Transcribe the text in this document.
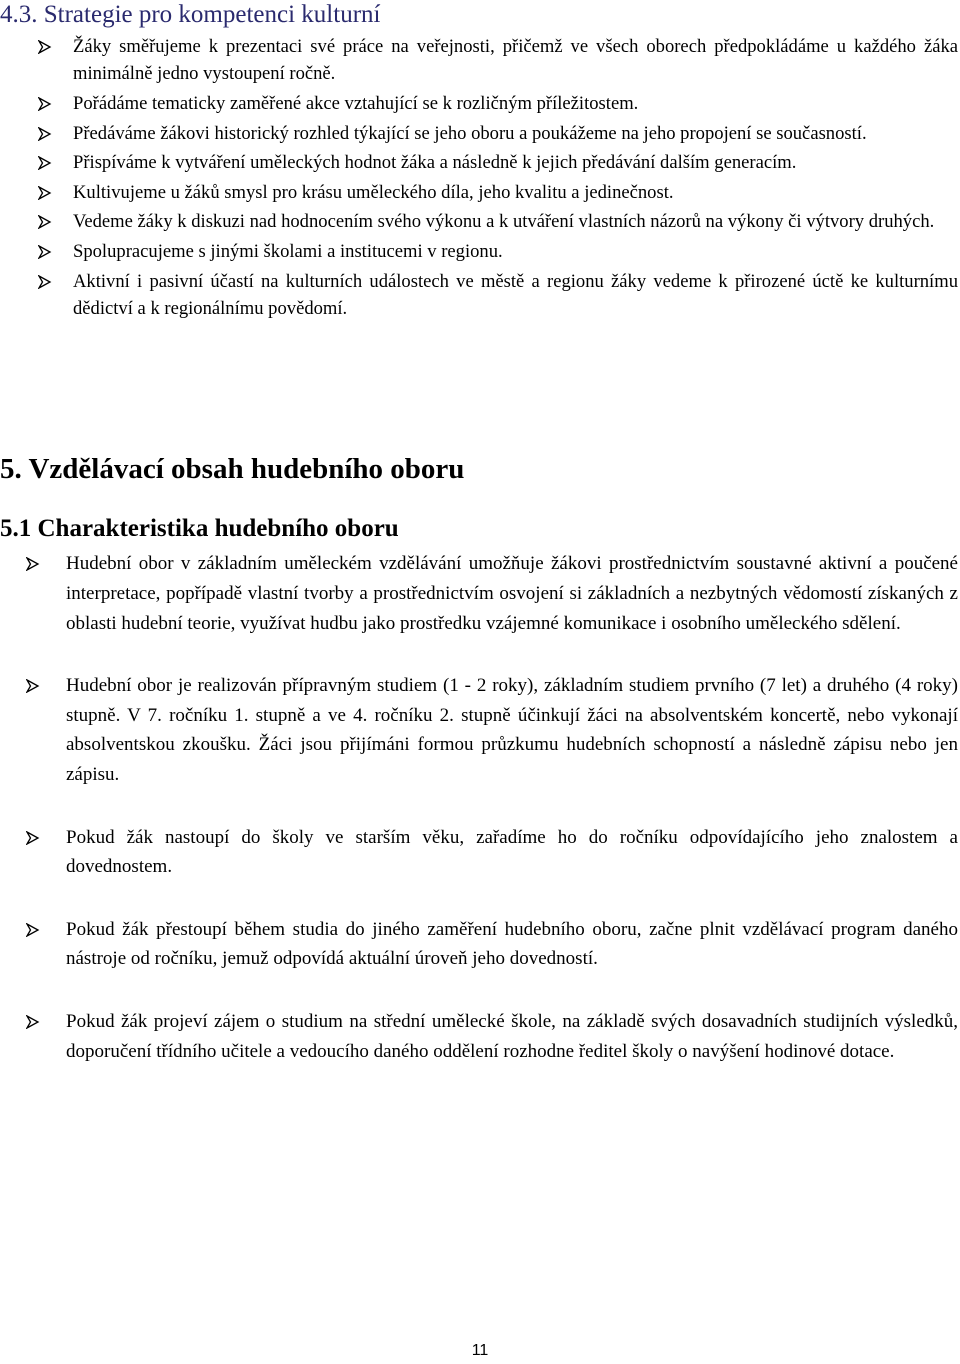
4.3. Strategie pro kompetenci kulturní
Žáky směřujeme k prezentaci své práce na veřejnosti, přičemž ve všech oborech předpokládáme u každého žáka minimálně jedno vystoupení ročně.
Pořádáme tematicky zaměřené akce vztahující se k rozličným příležitostem.
Předáváme žákovi historický rozhled týkající se jeho oboru a poukážeme na jeho propojení se současností.
Přispíváme k vytváření uměleckých hodnot žáka a následně k jejich předávání dalším generacím.
Kultivujeme u žáků smysl pro krásu uměleckého díla, jeho kvalitu a jedinečnost.
Vedeme žáky k diskuzi nad hodnocením svého výkonu a k utváření vlastních názorů na výkony či výtvory druhých.
Spolupracujeme s jinými školami a institucemi v regionu.
Aktivní i pasivní účastí na kulturních událostech ve městě a regionu žáky vedeme k přirozené úctě ke kulturnímu dědictví a k regionálnímu povědomí.
5. Vzdělávací obsah hudebního oboru
5.1 Charakteristika hudebního oboru
Hudební obor v základním uměleckém vzdělávání umožňuje žákovi prostřednictvím soustavné aktivní a poučené interpretace, popřípadě vlastní tvorby a prostřednictvím osvojení si základních a nezbytných vědomostí získaných z oblasti hudební teorie, využívat hudbu jako prostředku vzájemné komunikace i osobního uměleckého sdělení.
Hudební obor je realizován přípravným studiem (1 - 2 roky), základním studiem prvního (7 let) a druhého (4 roky) stupně. V 7. ročníku 1. stupně a ve 4. ročníku 2. stupně účinkují žáci na absolventském koncertě, nebo vykonají absolventskou zkoušku. Žáci jsou přijímáni formou průzkumu hudebních schopností a následně zápisu nebo jen zápisu.
Pokud žák nastoupí do školy ve starším věku, zařadíme ho do ročníku odpovídajícího jeho znalostem a dovednostem.
Pokud žák přestoupí během studia do jiného zaměření hudebního oboru, začne plnit vzdělávací program daného nástroje od ročníku, jemuž odpovídá aktuální úroveň jeho dovedností.
Pokud žák projeví zájem o studium na střední umělecké škole, na základě svých dosavadních studijních výsledků, doporučení třídního učitele a vedoucího daného oddělení rozhodne ředitel školy o navýšení hodinové dotace.

11
